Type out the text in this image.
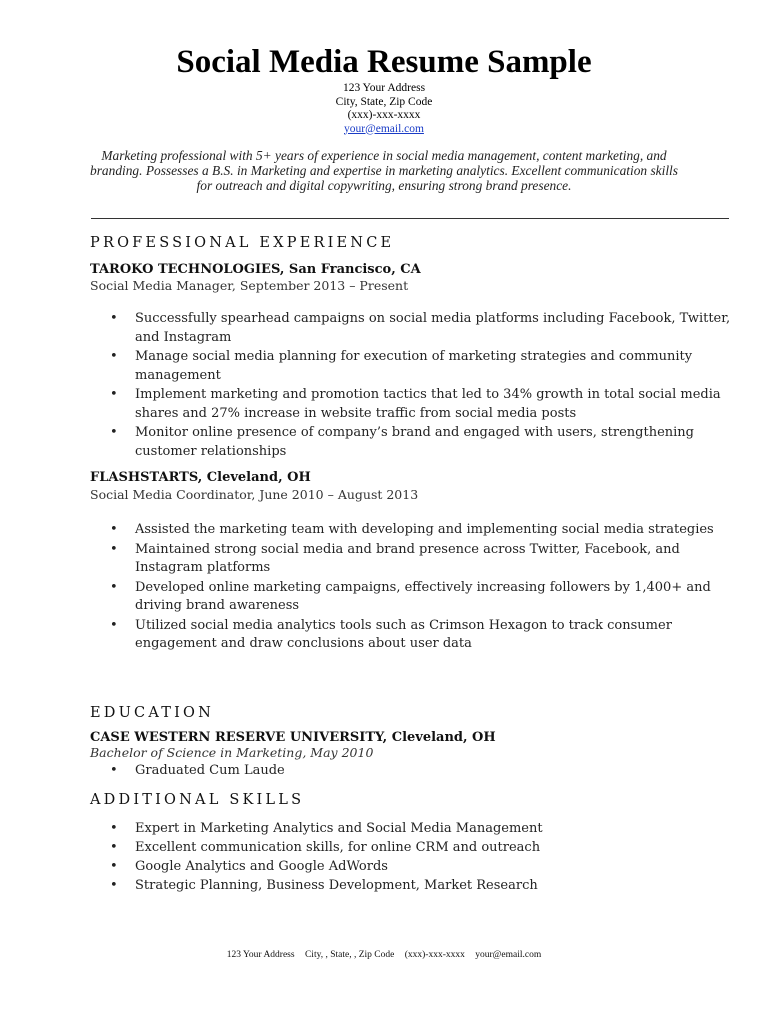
Social Media Resume Sample
123 Your Address
City, State, Zip Code
(xxx)-xxx-xxxx
your@email.com
Marketing professional with 5+ years of experience in social media management, content marketing, and branding. Possesses a B.S. in Marketing and expertise in marketing analytics. Excellent communication skills for outreach and digital copywriting, ensuring strong brand presence.
PROFESSIONAL EXPERIENCE
TAROKO TECHNOLOGIES, San Francisco, CA
Social Media Manager, September 2013 – Present
• Successfully spearhead campaigns on social media platforms including Facebook, Twitter, and Instagram
• Manage social media planning for execution of marketing strategies and community management
• Implement marketing and promotion tactics that led to 34% growth in total social media shares and 27% increase in website traffic from social media posts
• Monitor online presence of company’s brand and engaged with users, strengthening customer relationships
FLASHSTARTS, Cleveland, OH
Social Media Coordinator, June 2010 – August 2013
• Assisted the marketing team with developing and implementing social media strategies
• Maintained strong social media and brand presence across Twitter, Facebook, and Instagram platforms
• Developed online marketing campaigns, effectively increasing followers by 1,400+ and driving brand awareness
• Utilized social media analytics tools such as Crimson Hexagon to track consumer engagement and draw conclusions about user data
EDUCATION
CASE WESTERN RESERVE UNIVERSITY, Cleveland, OH
Bachelor of Science in Marketing, May 2010
• Graduated Cum Laude
ADDITIONAL SKILLS
• Expert in Marketing Analytics and Social Media Management
• Excellent communication skills, for online CRM and outreach
• Google Analytics and Google AdWords
• Strategic Planning, Business Development, Market Research
123 Your Address City, , State, , Zip Code (xxx)-xxx-xxxx your@email.com
